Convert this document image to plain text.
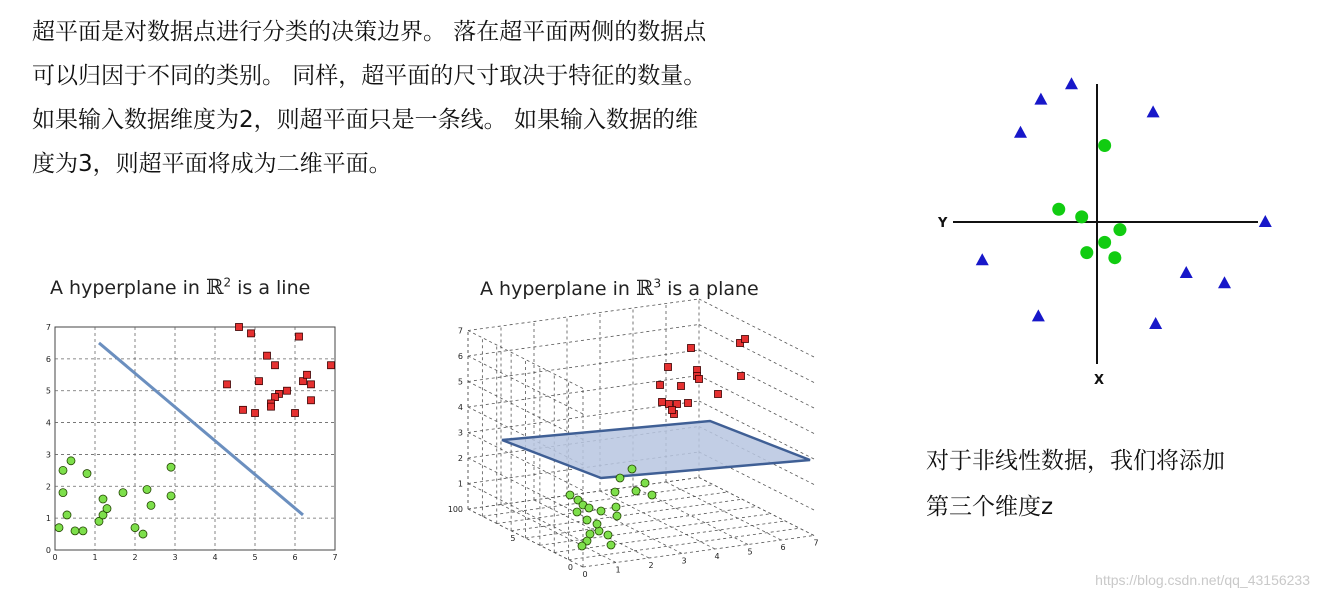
超平面是对数据点进行分类的决策边界。 落在超平面两侧的数据点

可以归因于不同的类别。 同样，超平面的尺寸取决于特征的数量。

如果输入数据维度为2，则超平面只是一条线。 如果输入数据的维

度为3，则超平面将成为二维平面。

A hyperplane in ℝ$^2$ is a line	A hyperplane in ℝ$^3$ is a plane
0	1	2	3	4	5	6	7
0
1
2
3
4
5
6
7
0	1	2	3	4	5	6	7
0
5
10 0
1
2
3
4
5
6
7
Y
X

对于非线性数据，我们将添加

第三个维度z

https://blog.csdn.net/qq_43156233
